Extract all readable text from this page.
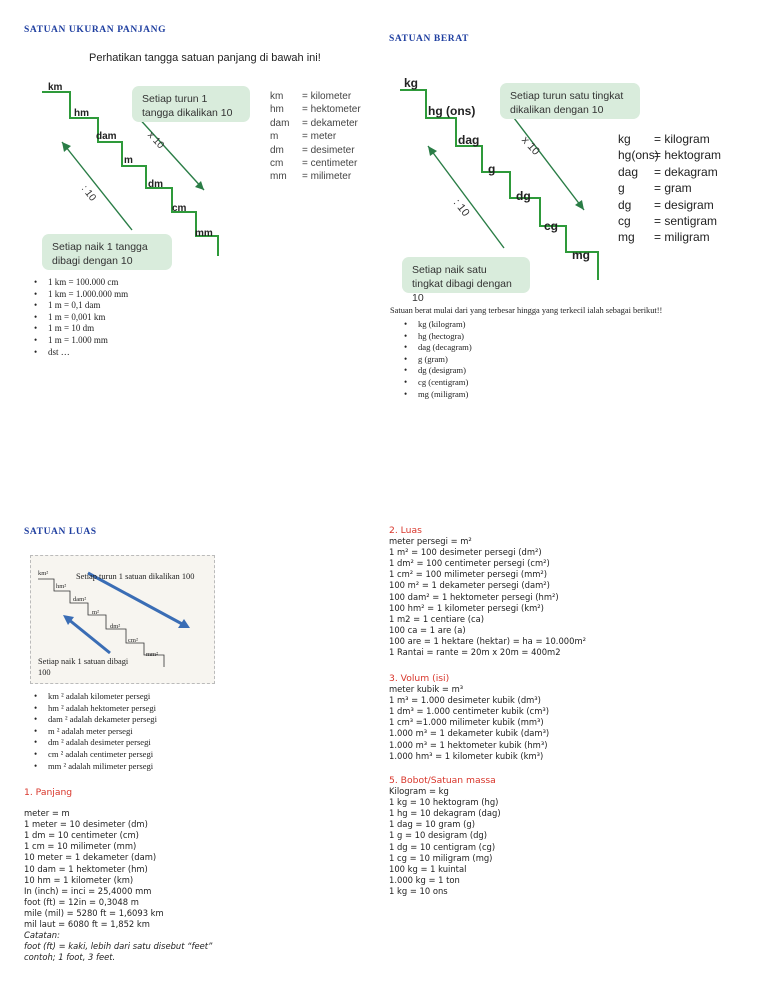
SATUAN UKURAN PANJANG
Perhatikan tangga satuan panjang di bawah ini!
km
hm
dam
m
dm
cm
mm
x 10
: 10
Setiap turun 1 tangga dikalikan 10
Setiap naik 1 tangga dibagi dengan 10
km = kilometer
hm = hektometer
dam = dekameter
m = meter
dm = desimeter
cm = centimeter
mm = milimeter
• 1 km = 100.000 cm
• 1 km = 1.000.000 mm
• 1 m = 0,1 dam
• 1 m = 0,001 km
• 1 m = 10 dm
• 1 m = 1.000 mm
• dst …
SATUAN BERAT
kg
hg (ons)
dag
g
dg
cg
mg
x 10
: 10
Setiap turun satu tingkat dikalikan dengan 10
Setiap naik satu tingkat dibagi dengan 10
kg = kilogram
hg(ons)= hektogram
dag = dekagram
g = gram
dg = desigram
cg = sentigram
mg = miligram
Satuan berat mulai dari yang terbesar hingga yang terkecil ialah sebagai berikut!!
• kg (kilogram)
• hg (hectogra)
• dag (decagram)
• g (gram)
• dg (desigram)
• cg (centigram)
• mg (miligram)
SATUAN LUAS
km²
hm²
dam²
m²
dm²
cm²
mm²
Setiap turun 1 satuan dikalikan 100
Setiap naik 1 satuan dibagi 100
• km ² adalah kilometer persegi
• hm ² adalah hektometer persegi
• dam ² adalah dekameter persegi
• m ² adalah meter persegi
• dm ² adalah desimeter persegi
• cm ² adalah centimeter persegi
• mm ² adalah milimeter persegi
1. Panjang
meter = m
1 meter = 10 desimeter (dm)
1 dm = 10 centimeter (cm)
1 cm = 10 milimeter (mm)
10 meter = 1 dekameter (dam)
10 dam = 1 hektometer (hm)
10 hm = 1 kilometer (km)
In (inch) = inci = 25,4000 mm
foot (ft) = 12in = 0,3048 m
mile (mil) = 5280 ft = 1,6093 km
mil laut = 6080 ft = 1,852 km
Catatan:
foot (ft) = kaki, lebih dari satu disebut “feet”
contoh; 1 foot, 3 feet.
2. Luas
meter persegi = m²
1 m² = 100 desimeter persegi (dm²)
1 dm² = 100 centimeter persegi (cm²)
1 cm² = 100 milimeter persegi (mm²)
100 m² = 1 dekameter persegi (dam²)
100 dam² = 1 hektometer persegi (hm²)
100 hm² = 1 kilometer persegi (km²)
1 m2 = 1 centiare (ca)
100 ca = 1 are (a)
100 are = 1 hektare (hektar) = ha = 10.000m²
1 Rantai = rante = 20m x 20m = 400m2
3. Volum (isi)
meter kubik = m³
1 m³ = 1.000 desimeter kubik (dm³)
1 dm³ = 1.000 centimeter kubik (cm³)
1 cm³ =1.000 milimeter kubik (mm³)
1.000 m³ = 1 dekameter kubik (dam³)
1.000 m³ = 1 hektometer kubik (hm³)
1.000 hm³ = 1 kilometer kubik (km³)
5. Bobot/Satuan massa
Kilogram = kg
1 kg = 10 hektogram (hg)
1 hg = 10 dekagram (dag)
1 dag = 10 gram (g)
1 g = 10 desigram (dg)
1 dg = 10 centigram (cg)
1 cg = 10 miligram (mg)
100 kg = 1 kuintal
1.000 kg = 1 ton
1 kg = 10 ons
